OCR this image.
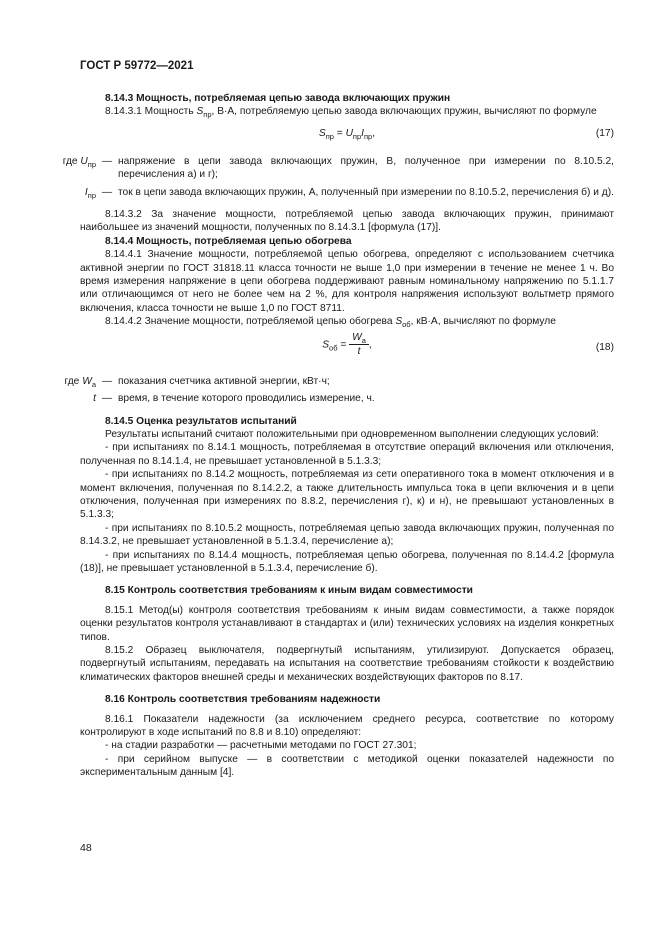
ГОСТ Р 59772—2021

8.14.3 Мощность, потребляемая цепью завода включающих пружин

8.14.3.1 Мощность $S_{пр}$, В·А, потребляемую цепью завода включающих пружин, вычисляют по формуле

$S_{пр} = U_{пр}I_{пр}$,	(17)
где $U_{пр}$ — напряжение в цепи завода включающих пружин, В, полученное при измерении по 8.10.5.2, перечисления а) и г);
$I_{пр}$ — ток в цепи завода включающих пружин, А, полученный при измерении по 8.10.5.2, перечисления б) и д).

8.14.3.2 За значение мощности, потребляемой цепью завода включающих пружин, принимают наибольшее из значений мощности, полученных по 8.14.3.1 [формула (17)].

8.14.4 Мощность, потребляемая цепью обогрева

8.14.4.1 Значение мощности, потребляемой цепью обогрева, определяют с использованием счетчика активной энергии по ГОСТ 31818.11 класса точности не выше 1,0 при измерении в течение не менее 1 ч. Во время измерения напряжение в цепи обогрева поддерживают равным номинальному напряжению по 5.1.1.7 или отличающимся от него не более чем на 2 %, для контроля напряжения используют вольтметр прямого включения, класса точности не выше 1,0 по ГОСТ 8711.

8.14.4.2 Значение мощности, потребляемой цепью обогрева $S_{об}$, кВ·А, вычисляют по формуле

$S_{об} = \frac{W_a}{t}$ ,	(18)
где $W_a$ — показания счетчика активной энергии, кВт·ч;
t — время, в течение которого проводились измерение, ч.

8.14.5 Оценка результатов испытаний

Результаты испытаний считают положительными при одновременном выполнении следующих условий:

- при испытаниях по 8.14.1 мощность, потребляемая в отсутствие операций включения или отключения, полученная по 8.14.1.4, не превышает установленной в 5.1.3.3;

- при испытаниях по 8.14.2 мощность, потребляемая из сети оперативного тока в момент отключения и в момент включения, полученная по 8.14.2.2, а также длительность импульса тока в цепи включения и в цепи отключения, полученная при измерениях по 8.8.2, перечисления г), к) и н), не превышают установленных в 5.1.3.3;

- при испытаниях по 8.10.5.2 мощность, потребляемая цепью завода включающих пружин, полученная по 8.14.3.2, не превышает установленной в 5.1.3.4, перечисление а);

- при испытаниях по 8.14.4 мощность, потребляемая цепью обогрева, полученная по 8.14.4.2 [формула (18)], не превышает установленной в 5.1.3.4, перечисление б).

8.15 Контроль соответствия требованиям к иным видам совместимости

8.15.1 Метод(ы) контроля соответствия требованиям к иным видам совместимости, а также порядок оценки результатов контроля устанавливают в стандартах и (или) технических условиях на изделия конкретных типов.

8.15.2 Образец выключателя, подвергнутый испытаниям, утилизируют. Допускается образец, подвергнутый испытаниям, передавать на испытания на соответствие требованиям стойкости к воздействию климатических факторов внешней среды и механических воздействующих факторов по 8.17.

8.16 Контроль соответствия требованиям надежности

8.16.1 Показатели надежности (за исключением среднего ресурса, соответствие по которому контролируют в ходе испытаний по 8.8 и 8.10) определяют:

- на стадии разработки — расчетными методами по ГОСТ 27.301;

- при серийном выпуске — в соответствии с методикой оценки показателей надежности по экспериментальным данным [4].

48
